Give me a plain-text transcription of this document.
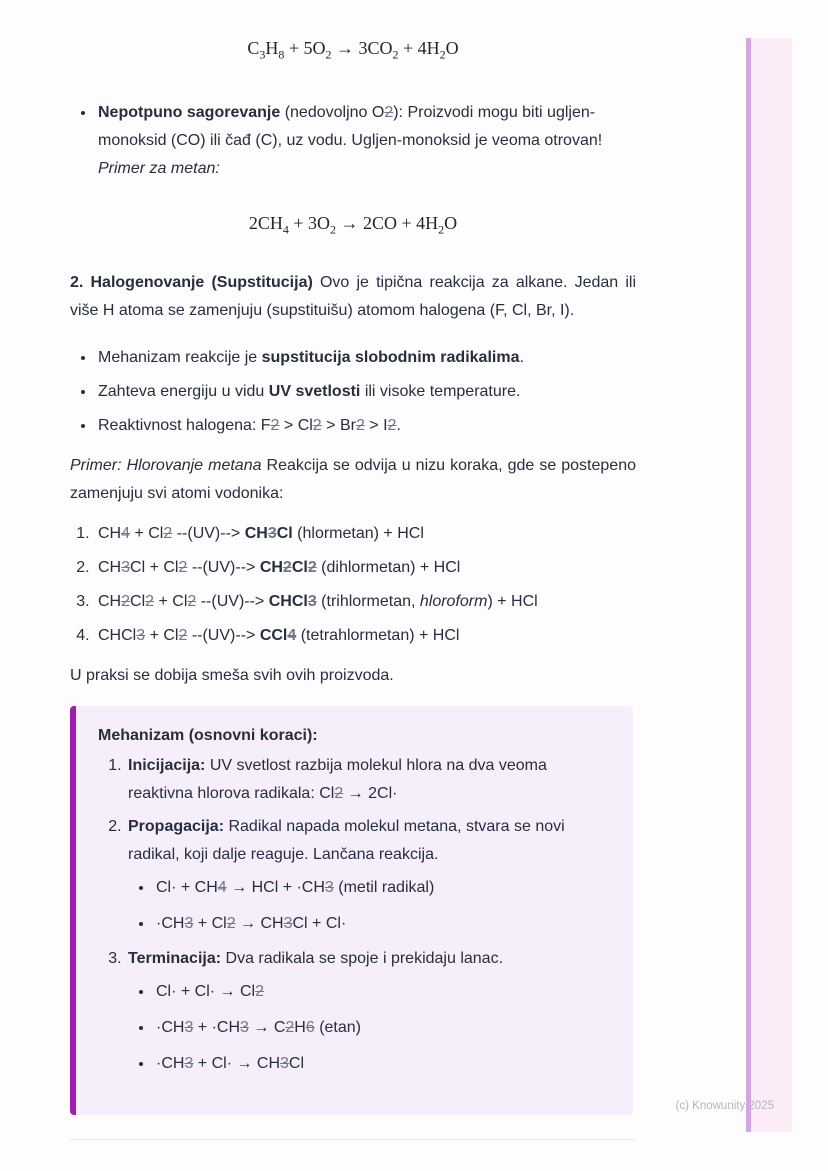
$C_3H_8 + 5O_2 \to 3CO_2 + 4H_2O$
• Nepotpuno sagorevanje (nedovoljno O2): Proizvodi mogu biti ugljen-monoksid (CO) ili čađ (C), uz vodu. Ugljen-monoksid je veoma otrovan!
Primer za metan:
$2CH_4 + 3O_2 \to 2CO + 4H_2O$

2. Halogenovanje (Supstitucija) Ovo je tipična reakcija za alkane. Jedan ili više H atoma se zamenjuju (supstituišu) atomom halogena (F, Cl, Br, I).

• Mehanizam reakcije je supstitucija slobodnim radikalima.
• Zahteva energiju u vidu UV svetlosti ili visoke temperature.
• Reaktivnost halogena: F2 > Cl2 > Br2 > I2.

Primer: Hlorovanje metana Reakcija se odvija u nizu koraka, gde se postepeno zamenjuju svi atomi vodonika:

1. CH4 + Cl2 --(UV)--> CH3Cl (hlormetan) + HCl
2. CH3Cl + Cl2 --(UV)--> CH2Cl2 (dihlormetan) + HCl
3. CH2Cl2 + Cl2 --(UV)--> CHCl3 (trihlormetan, hloroform) + HCl
4. CHCl3 + Cl2 --(UV)--> CCl4 (tetrahlormetan) + HCl

U praksi se dobija smeša svih ovih proizvoda.

Mehanizam (osnovni koraci):

1. Inicijacija: UV svetlost razbija molekul hlora na dva veoma reaktivna hlorova radikala: Cl2 → 2Cl·
2. Propagacija: Radikal napada molekul metana, stvara se novi radikal, koji dalje reaguje. Lančana reakcija.
• Cl· + CH4 → HCl + ·CH3 (metil radikal)
• ·CH3 + Cl2 → CH3Cl + Cl·
3. Terminacija: Dva radikala se spoje i prekidaju lanac.
• Cl· + Cl· → Cl2
• ·CH3 + ·CH3 → C2H6 (etan)
• ·CH3 + Cl· → CH3Cl
(c) Knowunity 2025
